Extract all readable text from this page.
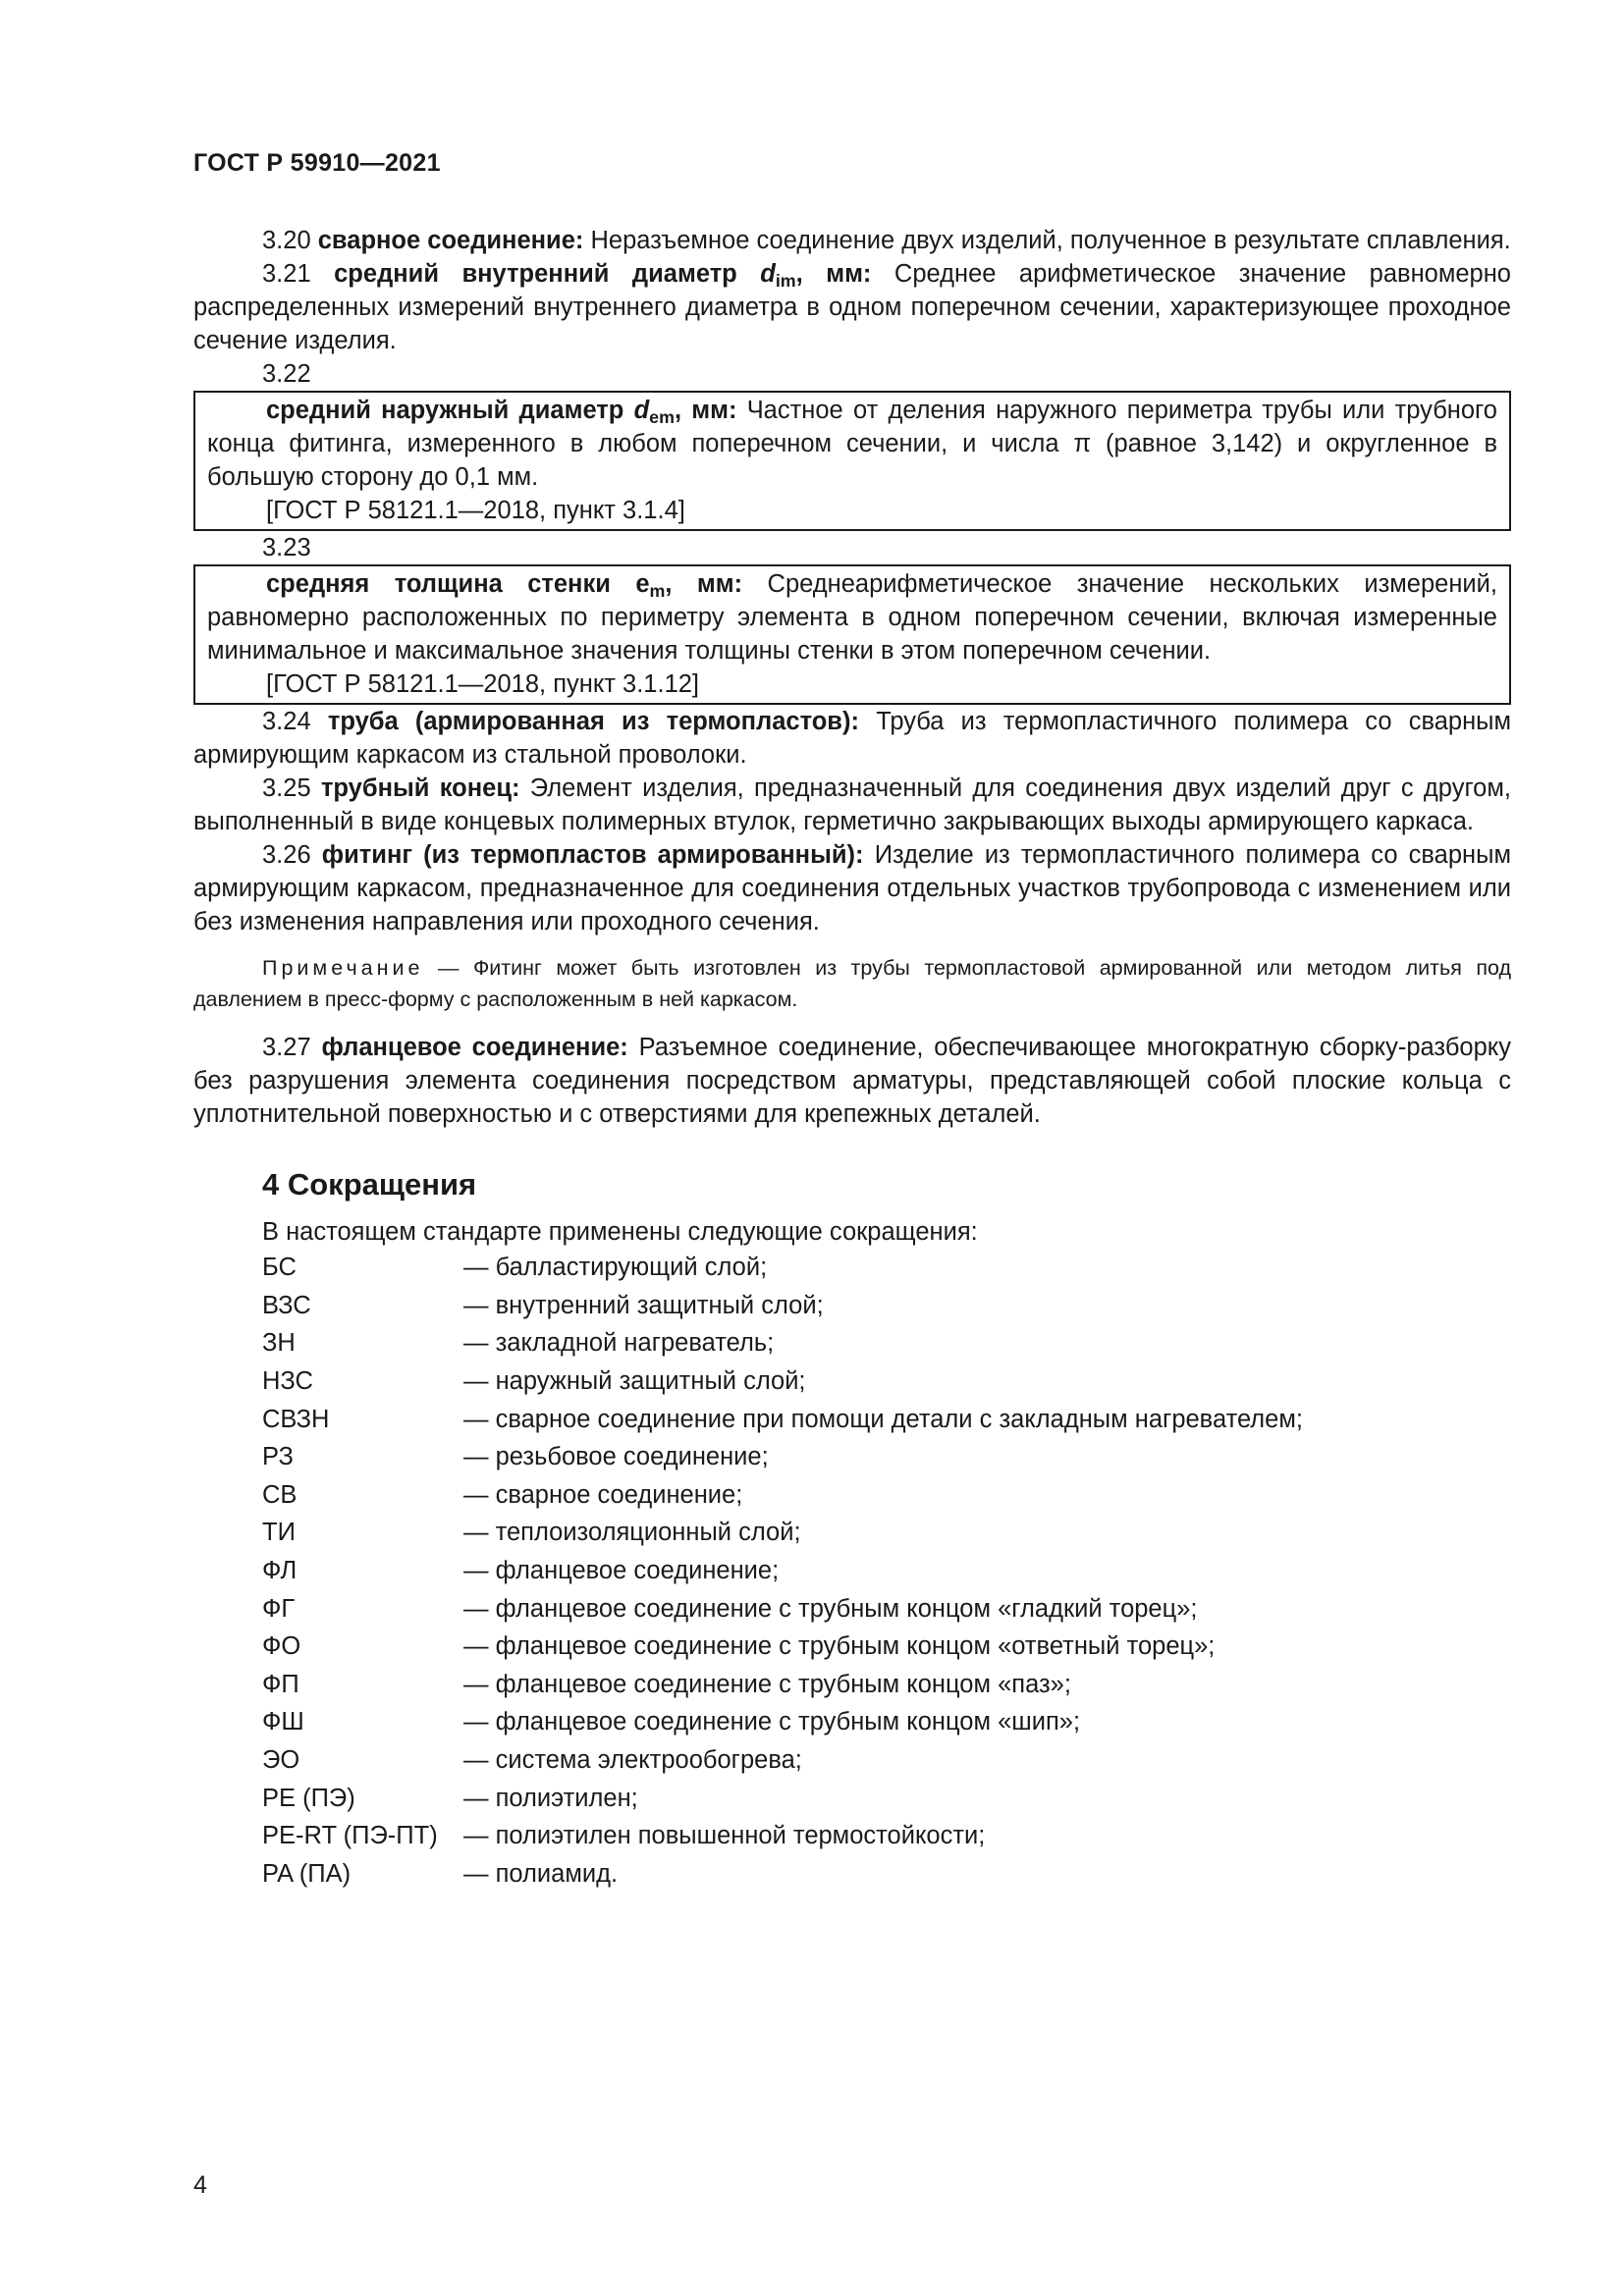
ГОСТ Р 59910—2021

3.20 сварное соединение: Неразъемное соединение двух изделий, полученное в результате сплавления.

3.21 средний внутренний диаметр $d_{im}$, мм: Среднее арифметическое значение равномерно распределенных измерений внутреннего диаметра в одном поперечном сечении, характеризующее проходное сечение изделия.

3.22

средний наружный диаметр $d_{em}$, мм: Частное от деления наружного периметра трубы или трубного конца фитинга, измеренного в любом поперечном сечении, и числа π (равное 3,142) и округленное в большую сторону до 0,1 мм.

[ГОСТ Р 58121.1—2018, пункт 3.1.4]

3.23

средняя толщина стенки $e_m$, мм: Среднеарифметическое значение нескольких измерений, равномерно расположенных по периметру элемента в одном поперечном сечении, включая измеренные минимальное и максимальное значения толщины стенки в этом поперечном сечении.

[ГОСТ Р 58121.1—2018, пункт 3.1.12]

3.24 труба (армированная из термопластов): Труба из термопластичного полимера со сварным армирующим каркасом из стальной проволоки.

3.25 трубный конец: Элемент изделия, предназначенный для соединения двух изделий друг с другом, выполненный в виде концевых полимерных втулок, герметично закрывающих выходы армирующего каркаса.

3.26 фитинг (из термопластов армированный): Изделие из термопластичного полимера со сварным армирующим каркасом, предназначенное для соединения отдельных участков трубопровода с изменением или без изменения направления или проходного сечения.

Примечание — Фитинг может быть изготовлен из трубы термопластовой армированной или методом литья под давлением в пресс-форму с расположенным в ней каркасом.

3.27 фланцевое соединение: Разъемное соединение, обеспечивающее многократную сборку-разборку без разрушения элемента соединения посредством арматуры, представляющей собой плоские кольца с уплотнительной поверхностью и с отверстиями для крепежных деталей.

4 Сокращения

В настоящем стандарте применены следующие сокращения:

БС	— балластирующий слой;
ВЗС	— внутренний защитный слой;
ЗН	— закладной нагреватель;
НЗС	— наружный защитный слой;
СВЗН	— сварное соединение при помощи детали с закладным нагревателем;
РЗ	— резьбовое соединение;
СВ	— сварное соединение;
ТИ	— теплоизоляционный слой;
ФЛ	— фланцевое соединение;
ФГ	— фланцевое соединение с трубным концом «гладкий торец»;
ФО	— фланцевое соединение с трубным концом «ответный торец»;
ФП	— фланцевое соединение с трубным концом «паз»;
ФШ	— фланцевое соединение с трубным концом «шип»;
ЭО	— система электрообогрева;
PE (ПЭ)	— полиэтилен;
PE-RT (ПЭ-ПТ)	— полиэтилен повышенной термостойкости;
PA (ПА)	— полиамид.
4
